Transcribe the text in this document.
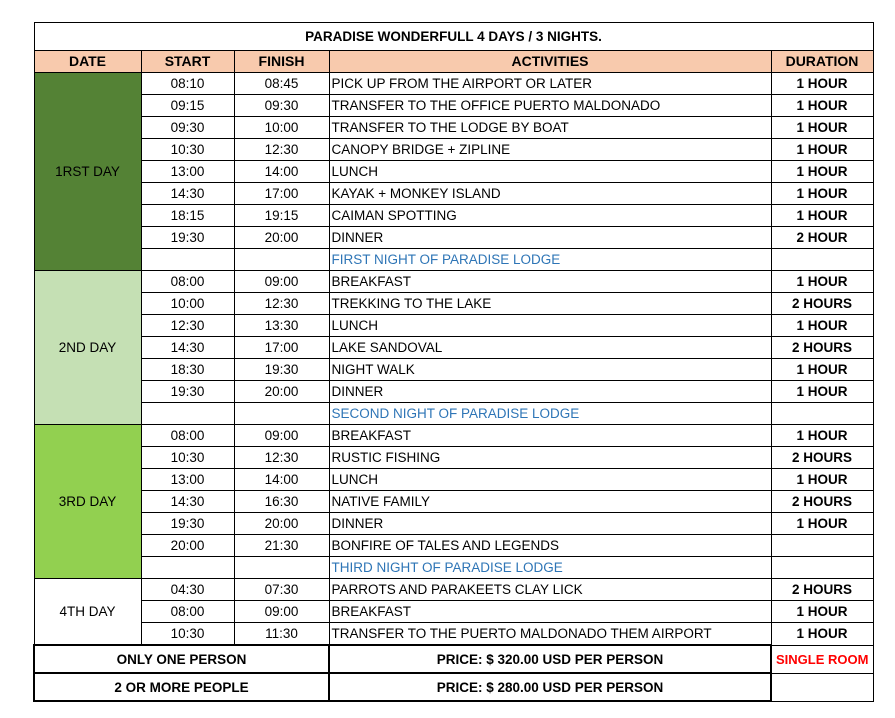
PARADISE WONDERFULL 4 DAYS / 3 NIGHTS.				
DATE	START	FINISH	ACTIVITIES	DURATION
1RST DAY	08:10	08:45	PICK UP FROM THE AIRPORT OR LATER	1 HOUR
	09:15	09:30	TRANSFER TO THE OFFICE PUERTO MALDONADO	1 HOUR
	09:30	10:00	TRANSFER TO THE LODGE BY BOAT	1 HOUR
	10:30	12:30	CANOPY BRIDGE + ZIPLINE	1 HOUR
	13:00	14:00	LUNCH	1 HOUR
	14:30	17:00	KAYAK + MONKEY ISLAND	1 HOUR
	18:15	19:15	CAIMAN SPOTTING	1 HOUR
	19:30	20:00	DINNER	2 HOUR
			FIRST NIGHT OF PARADISE LODGE	
2ND DAY	08:00	09:00	BREAKFAST	1 HOUR
	10:00	12:30	TREKKING TO THE LAKE	2 HOURS
	12:30	13:30	LUNCH	1 HOUR
	14:30	17:00	LAKE SANDOVAL	2 HOURS
	18:30	19:30	NIGHT WALK	1 HOUR
	19:30	20:00	DINNER	1 HOUR
			SECOND NIGHT OF PARADISE LODGE	
3RD DAY	08:00	09:00	BREAKFAST	1 HOUR
	10:30	12:30	RUSTIC FISHING	2 HOURS
	13:00	14:00	LUNCH	1 HOUR
	14:30	16:30	NATIVE FAMILY	2 HOURS
	19:30	20:00	DINNER	1 HOUR
	20:00	21:30	BONFIRE OF TALES AND LEGENDS	
			THIRD NIGHT OF PARADISE LODGE	
4TH DAY	04:30	07:30	PARROTS AND PARAKEETS CLAY LICK	2 HOURS
	08:00	09:00	BREAKFAST	1 HOUR
	10:30	11:30	TRANSFER TO THE PUERTO MALDONADO THEM AIRPORT	1 HOUR
ONLY ONE PERSON			PRICE: $ 320.00 USD PER PERSON	SINGLE ROOM
2 OR MORE PEOPLE			PRICE: $ 280.00 USD PER PERSON	
